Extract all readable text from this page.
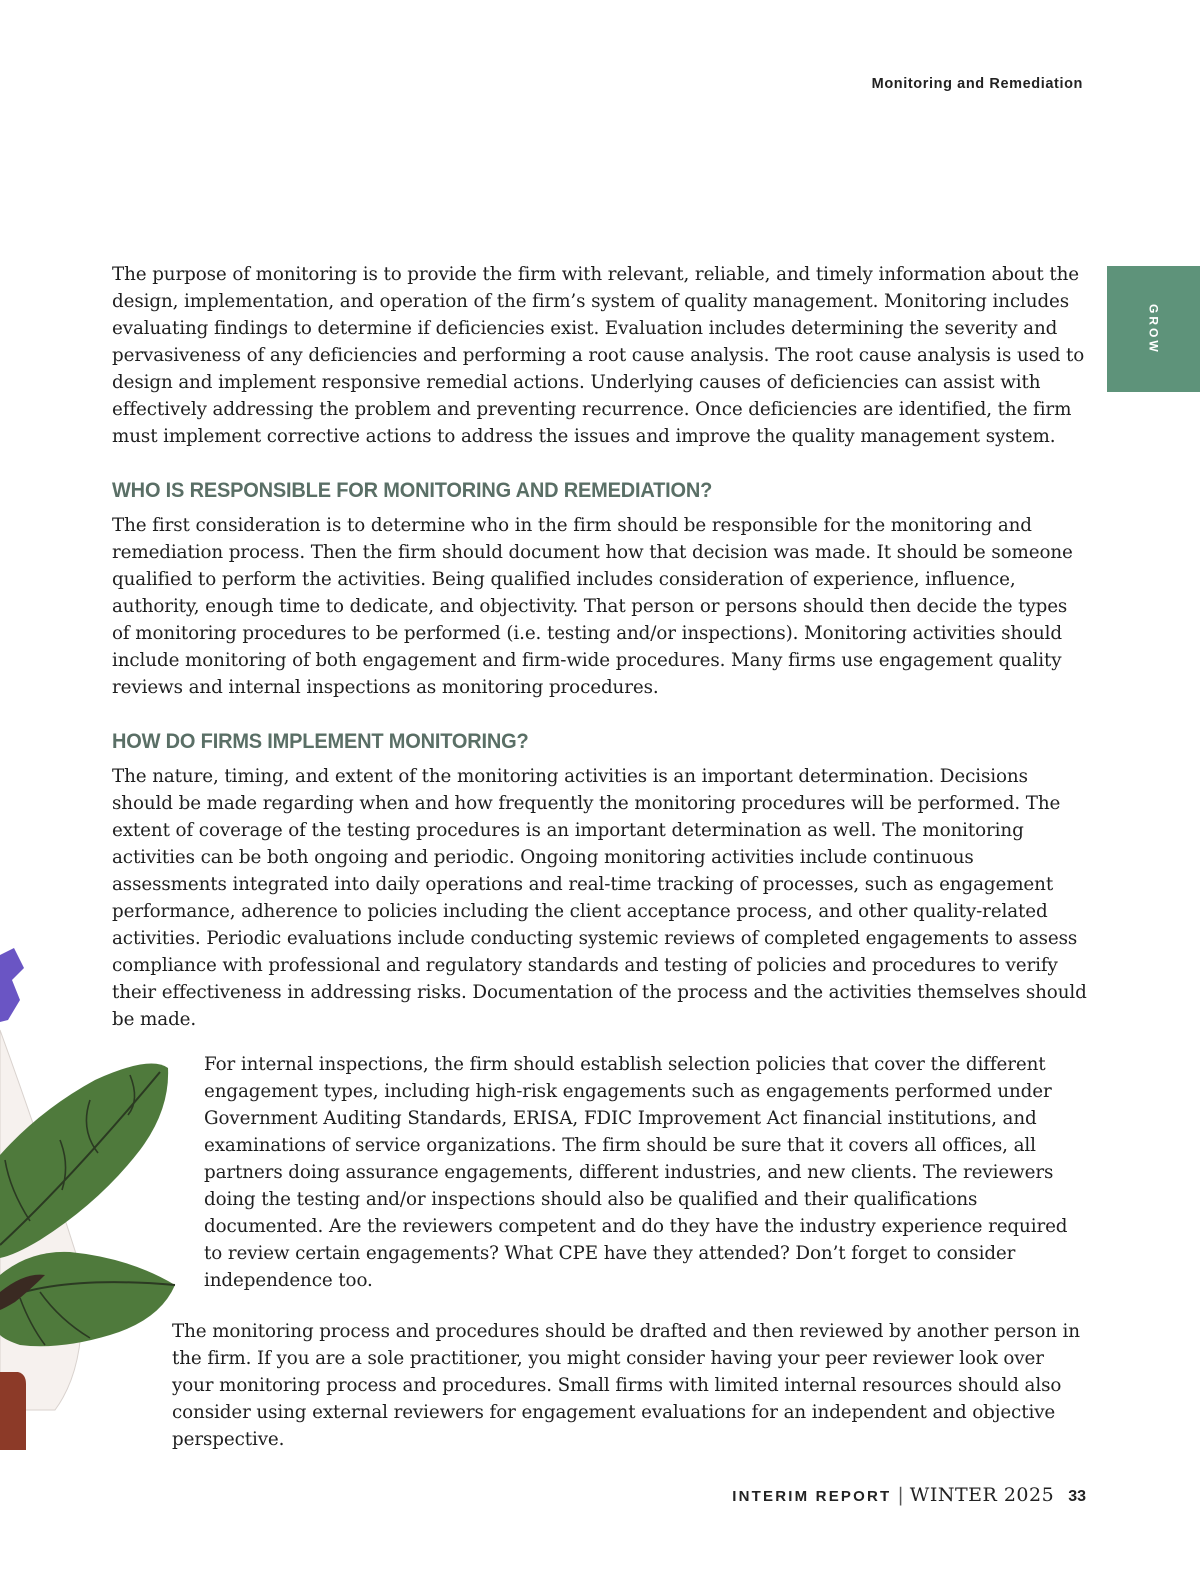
Monitoring and Remediation
GROW

The purpose of monitoring is to provide the firm with relevant, reliable, and timely information about the design, implementation, and operation of the firm’s system of quality management. Monitoring includes evaluating findings to determine if deficiencies exist. Evaluation includes determining the severity and pervasiveness of any deficiencies and performing a root cause analysis. The root cause analysis is used to design and implement responsive remedial actions. Underlying causes of deficiencies can assist with effectively addressing the problem and preventing recurrence. Once deficiencies are identified, the firm must implement corrective actions to address the issues and improve the quality management system.

WHO IS RESPONSIBLE FOR MONITORING AND REMEDIATION?

The first consideration is to determine who in the firm should be responsible for the monitoring and remediation process. Then the firm should document how that decision was made. It should be someone qualified to perform the activities. Being qualified includes consideration of experience, influence, authority, enough time to dedicate, and objectivity. That person or persons should then decide the types of monitoring procedures to be performed (i.e. testing and/or inspections). Monitoring activities should include monitoring of both engagement and firm-wide procedures. Many firms use engagement quality reviews and internal inspections as monitoring procedures.

HOW DO FIRMS IMPLEMENT MONITORING?

The nature, timing, and extent of the monitoring activities is an important determination. Decisions should be made regarding when and how frequently the monitoring procedures will be performed. The extent of coverage of the testing procedures is an important determination as well. The monitoring activities can be both ongoing and periodic. Ongoing monitoring activities include continuous assessments integrated into daily operations and real-time tracking of processes, such as engagement performance, adherence to policies including the client acceptance process, and other quality-related activities. Periodic evaluations include conducting systemic reviews of completed engagements to assess compliance with professional and regulatory standards and testing of policies and procedures to verify their effectiveness in addressing risks. Documentation of the process and the activities themselves should be made.

For internal inspections, the firm should establish selection policies that cover the different engagement types, including high-risk engagements such as engagements performed under Government Auditing Standards, ERISA, FDIC Improvement Act financial institutions, and examinations of service organizations. The firm should be sure that it covers all offices, all partners doing assurance engagements, different industries, and new clients. The reviewers doing the testing and/or inspections should also be qualified and their qualifications documented. Are the reviewers competent and do they have the industry experience required to review certain engagements? What CPE have they attended? Don’t forget to consider independence too.

The monitoring process and procedures should be drafted and then reviewed by another person in the firm. If you are a sole practitioner, you might consider having your peer reviewer look over your monitoring process and procedures. Small firms with limited internal resources should also consider using external reviewers for engagement evaluations for an independent and objective perspective.

INTERIM REPORT | WINTER 2025 33
